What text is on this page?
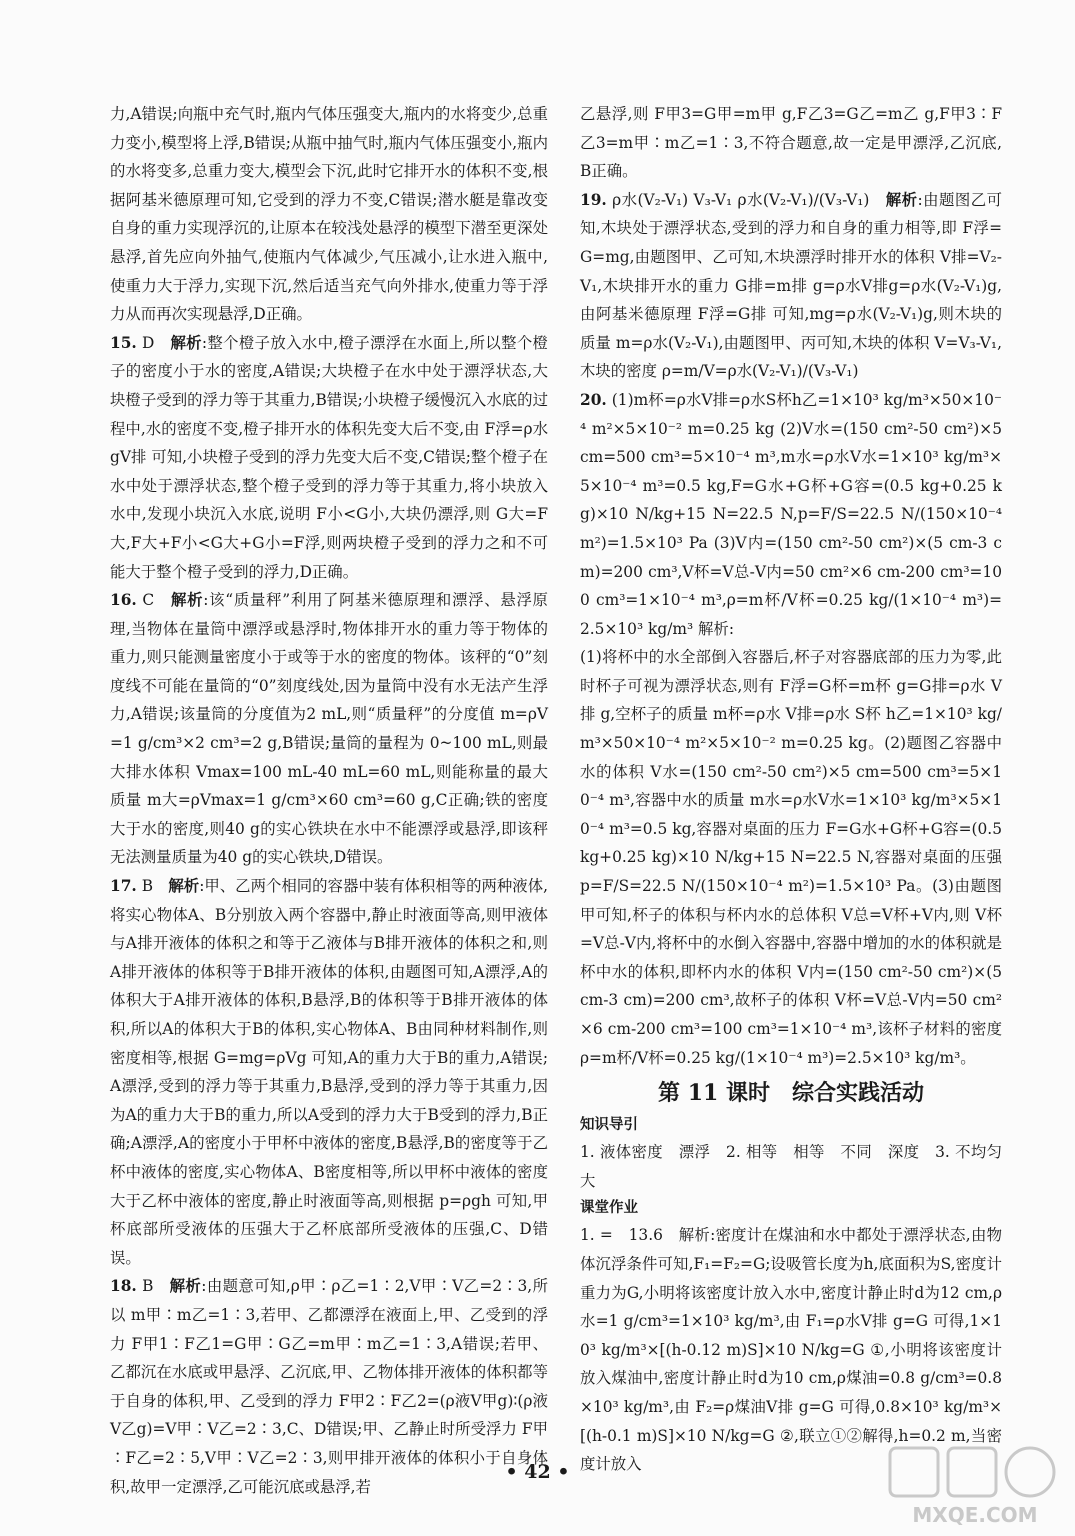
力,A错误;向瓶中充气时,瓶内气体压强变大,瓶内的水将变少,总重力变小,模型将上浮,B错误;从瓶中抽气时,瓶内气体压强变小,瓶内的水将变多,总重力变大,模型会下沉,此时它排开水的体积不变,根据阿基米德原理可知,它受到的浮力不变,C错误;潜水艇是靠改变自身的重力实现浮沉的,让原本在较浅处悬浮的模型下潜至更深处悬浮,首先应向外抽气,使瓶内气体减少,气压减小,让水进入瓶中,使重力大于浮力,实现下沉,然后适当充气向外排水,使重力等于浮力从而再次实现悬浮,D正确。

15. D　 解析:整个橙子放入水中,橙子漂浮在水面上,所以整个橙子的密度小于水的密度,A错误;大块橙子在水中处于漂浮状态,大块橙子受到的浮力等于其重力,B错误;小块橙子缓慢沉入水底的过程中,水的密度不变,橙子排开水的体积先变大后不变,由 F浮=ρ水 gV排 可知,小块橙子受到的浮力先变大后不变,C错误;整个橙子在水中处于漂浮状态,整个橙子受到的浮力等于其重力,将小块放入水中,发现小块沉入水底,说明 F小<G小,大块仍漂浮,则 G大=F大,F大+F小<G大+G小=F浮,则两块橙子受到的浮力之和不可能大于整个橙子受到的浮力,D正确。

16. C　 解析:该“质量秤”利用了阿基米德原理和漂浮、悬浮原理,当物体在量筒中漂浮或悬浮时,物体排开水的重力等于物体的重力,则只能测量密度小于或等于水的密度的物体。该秤的“0”刻度线不可能在量筒的“0”刻度线处,因为量筒中没有水无法产生浮力,A错误;该量筒的分度值为2 mL,则“质量秤”的分度值 m=ρV=1 g/cm³×2 cm³=2 g,B错误;量筒的量程为 0~100 mL,则最大排水体积 Vmax=100 mL-40 mL=60 mL,则能称量的最大质量 m大=ρVmax=1 g/cm³×60 cm³=60 g,C正确;铁的密度大于水的密度,则40 g的实心铁块在水中不能漂浮或悬浮,即该秤无法测量质量为40 g的实心铁块,D错误。

17. B　 解析:甲、乙两个相同的容器中装有体积相等的两种液体,将实心物体A、B分别放入两个容器中,静止时液面等高,则甲液体与A排开液体的体积之和等于乙液体与B排开液体的体积之和,则A排开液体的体积等于B排开液体的体积,由题图可知,A漂浮,A的体积大于A排开液体的体积,B悬浮,B的体积等于B排开液体的体积,所以A的体积大于B的体积,实心物体A、B由同种材料制作,则密度相等,根据 G=mg=ρVg 可知,A的重力大于B的重力,A错误;A漂浮,受到的浮力等于其重力,B悬浮,受到的浮力等于其重力,因为A的重力大于B的重力,所以A受到的浮力大于B受到的浮力,B正确;A漂浮,A的密度小于甲杯中液体的密度,B悬浮,B的密度等于乙杯中液体的密度,实心物体A、B密度相等,所以甲杯中液体的密度大于乙杯中液体的密度,静止时液面等高,则根据 p=ρgh 可知,甲杯底部所受液体的压强大于乙杯底部所受液体的压强,C、D错误。

18. B　 解析:由题意可知,ρ甲∶ρ乙=1∶2,V甲∶V乙=2∶3,所以 m甲∶m乙=1∶3,若甲、乙都漂浮在液面上,甲、乙受到的浮力 F甲1∶F乙1=G甲∶G乙=m甲∶m乙=1∶3,A错误;若甲、乙都沉在水底或甲悬浮、乙沉底,甲、乙物体排开液体的体积都等于自身的体积,甲、乙受到的浮力 F甲2∶F乙2=(ρ液V甲g)∶(ρ液V乙g)=V甲∶V乙=2∶3,C、D错误;甲、乙静止时所受浮力 F甲∶F乙=2∶5,V甲∶V乙=2∶3,则甲排开液体的体积小于自身体积,故甲一定漂浮,乙可能沉底或悬浮,若

乙悬浮,则 F甲3=G甲=m甲 g,F乙3=G乙=m乙 g,F甲3∶F乙3=m甲∶m乙=1∶3,不符合题意,故一定是甲漂浮,乙沉底,B正确。

19. ρ水(V₂-V₁) V₃-V₁ ρ水(V₂-V₁)/(V₃-V₁)　 解析:由题图乙可知,木块处于漂浮状态,受到的浮力和自身的重力相等,即 F浮=G=mg,由题图甲、乙可知,木块漂浮时排开水的体积 V排=V₂-V₁,木块排开水的重力 G排=m排 g=ρ水V排g=ρ水(V₂-V₁)g,由阿基米德原理 F浮=G排 可知,mg=ρ水(V₂-V₁)g,则木块的质量 m=ρ水(V₂-V₁),由题图甲、丙可知,木块的体积 V=V₃-V₁,木块的密度 ρ=m/V=ρ水(V₂-V₁)/(V₃-V₁)

20. (1)m杯=ρ水V排=ρ水S杯h乙=1×10³ kg/m³×50×10⁻⁴ m²×5×10⁻² m=0.25 kg (2)V水=(150 cm²-50 cm²)×5 cm=500 cm³=5×10⁻⁴ m³,m水=ρ水V水=1×10³ kg/m³×5×10⁻⁴ m³=0.5 kg,F=G水+G杯+G容=(0.5 kg+0.25 kg)×10 N/kg+15 N=22.5 N,p=F/S=22.5 N/(150×10⁻⁴ m²)=1.5×10³ Pa (3)V内=(150 cm²-50 cm²)×(5 cm-3 cm)=200 cm³,V杯=V总-V内=50 cm²×6 cm-200 cm³=100 cm³=1×10⁻⁴ m³,ρ=m杯/V杯=0.25 kg/(1×10⁻⁴ m³)=2.5×10³ kg/m³ 解析:

(1)将杯中的水全部倒入容器后,杯子对容器底部的压力为零,此时杯子可视为漂浮状态,则有 F浮=G杯=m杯 g=G排=ρ水 V排 g,空杯子的质量 m杯=ρ水 V排=ρ水 S杯 h乙=1×10³ kg/m³×50×10⁻⁴ m²×5×10⁻² m=0.25 kg。(2)题图乙容器中水的体积 V水=(150 cm²-50 cm²)×5 cm=500 cm³=5×10⁻⁴ m³,容器中水的质量 m水=ρ水V水=1×10³ kg/m³×5×10⁻⁴ m³=0.5 kg,容器对桌面的压力 F=G水+G杯+G容=(0.5 kg+0.25 kg)×10 N/kg+15 N=22.5 N,容器对桌面的压强 p=F/S=22.5 N/(150×10⁻⁴ m²)=1.5×10³ Pa。(3)由题图甲可知,杯子的体积与杯内水的总体积 V总=V杯+V内,则 V杯=V总-V内,将杯中的水倒入容器中,容器中增加的水的体积就是杯中水的体积,即杯内水的体积 V内=(150 cm²-50 cm²)×(5 cm-3 cm)=200 cm³,故杯子的体积 V杯=V总-V内=50 cm²×6 cm-200 cm³=100 cm³=1×10⁻⁴ m³,该杯子材料的密度 ρ=m杯/V杯=0.25 kg/(1×10⁻⁴ m³)=2.5×10³ kg/m³。

第 11 课时　综合实践活动

知识导引

1. 液体密度　漂浮　2. 相等　相等　不同　深度　3. 不均匀　大

课堂作业

1. =　13.6　解析:密度计在煤油和水中都处于漂浮状态,由物体沉浮条件可知,F₁=F₂=G;设吸管长度为h,底面积为S,密度计重力为G,小明将该密度计放入水中,密度计静止时d为12 cm,ρ水=1 g/cm³=1×10³ kg/m³,由 F₁=ρ水V排 g=G 可得,1×10³ kg/m³×[(h-0.12 m)S]×10 N/kg=G ①,小明将该密度计放入煤油中,密度计静止时d为10 cm,ρ煤油=0.8 g/cm³=0.8×10³ kg/m³,由 F₂=ρ煤油V排 g=G 可得,0.8×10³ kg/m³×[(h-0.1 m)S]×10 N/kg=G ②,联立①②解得,h=0.2 m,当密度计放入

• 42 •
MXQE.COM
